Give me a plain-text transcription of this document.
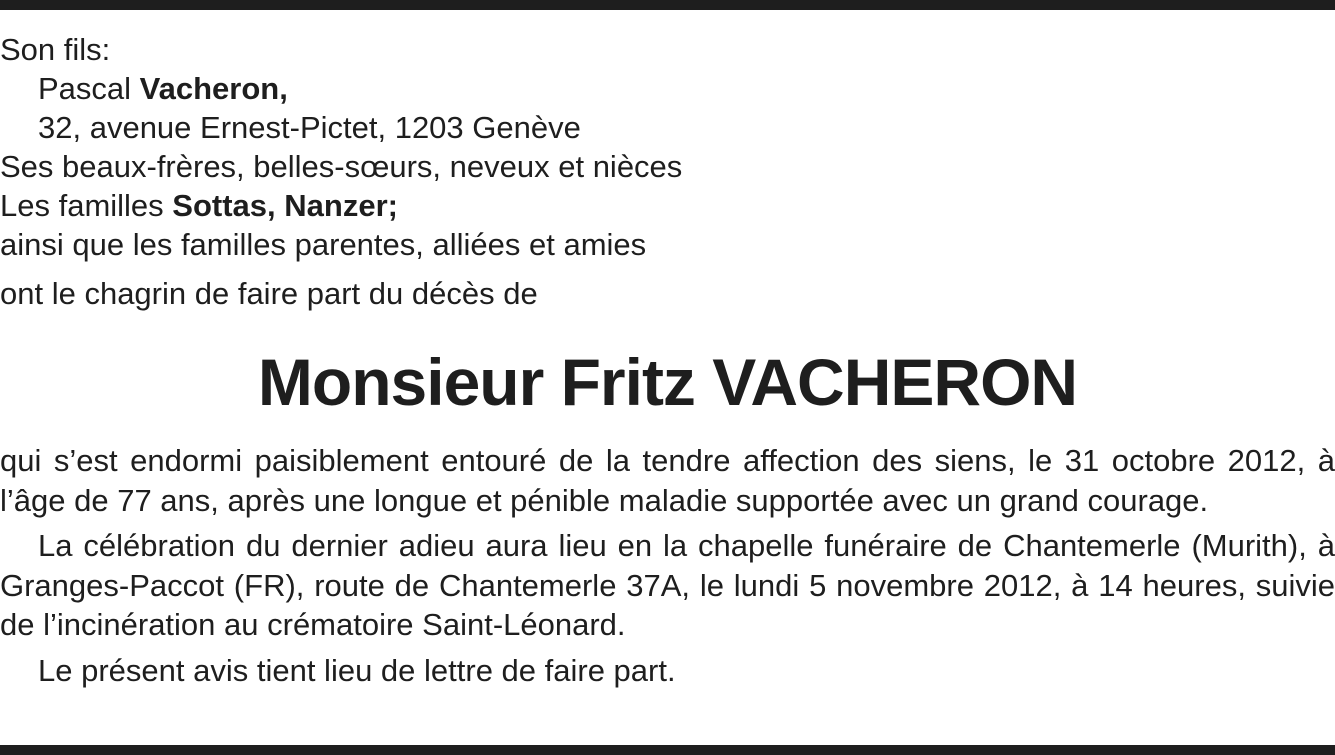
Son fils:

Pascal Vacheron,

32, avenue Ernest-Pictet, 1203 Genève

Ses beaux-frères, belles-sœurs, neveux et nièces

Les familles Sottas, Nanzer;

ainsi que les familles parentes, alliées et amies

ont le chagrin de faire part du décès de

Monsieur Fritz VACHERON

qui s’est endormi paisiblement entouré de la tendre affection des siens, le 31 octobre 2012, à l’âge de 77 ans, après une longue et pénible maladie supportée avec un grand courage.

La célébration du dernier adieu aura lieu en la chapelle funéraire de Chantemerle (Murith), à Granges-Paccot (FR), route de Chantemerle 37A, le lundi 5 novembre 2012, à 14 heures, suivie de l’incinération au crématoire Saint-Léonard.

Le présent avis tient lieu de lettre de faire part.
